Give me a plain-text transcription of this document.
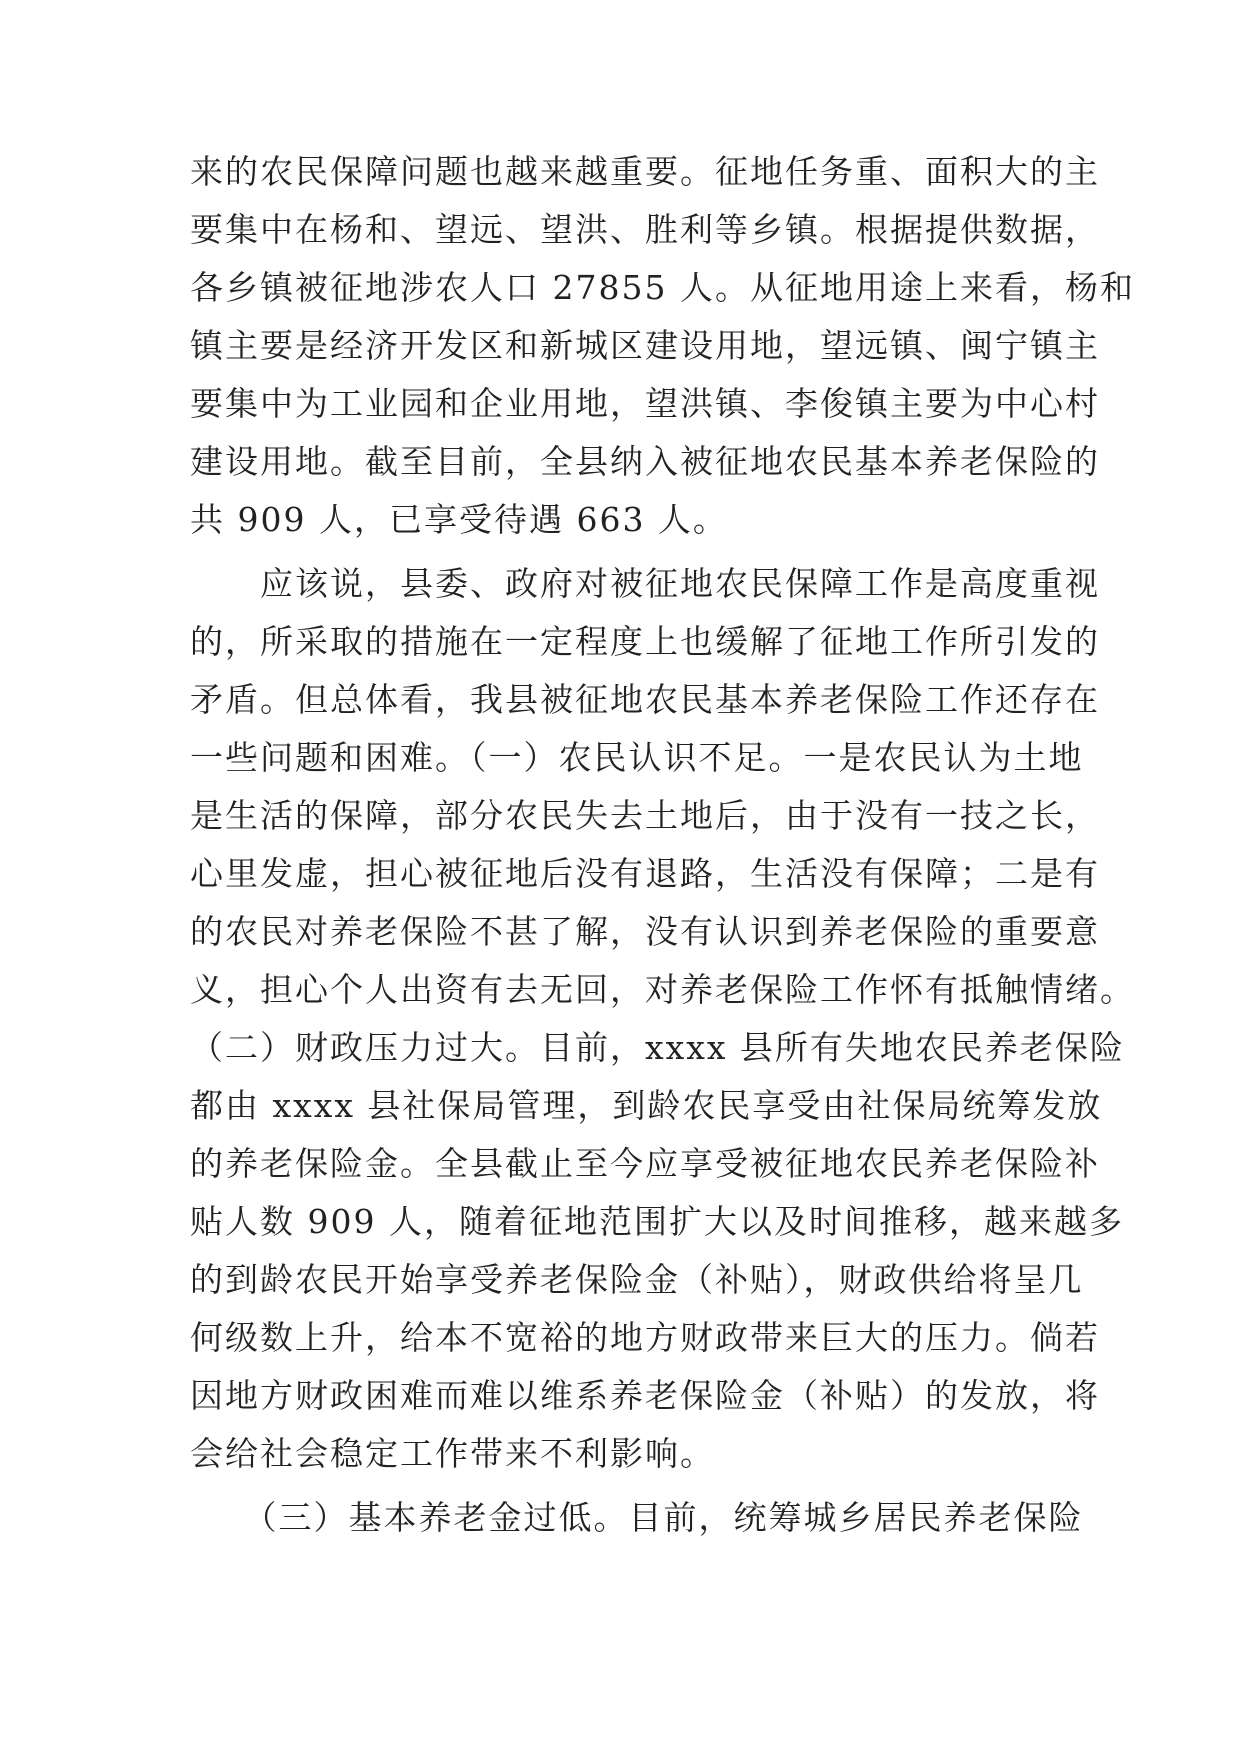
来的农民保障问题也越来越重要。征地任务重、面积大的主
要集中在杨和、望远、望洪、胜利等乡镇。根据提供数据，
各乡镇被征地涉农人口 27855 人。从征地用途上来看，杨和
镇主要是经济开发区和新城区建设用地，望远镇、闽宁镇主
要集中为工业园和企业用地，望洪镇、李俊镇主要为中心村
建设用地。截至目前，全县纳入被征地农民基本养老保险的
共 909 人，已享受待遇 663 人。
　　应该说，县委、政府对被征地农民保障工作是高度重视
的，所采取的措施在一定程度上也缓解了征地工作所引发的
矛盾。但总体看，我县被征地农民基本养老保险工作还存在
一些问题和困难。（一）农民认识不足。一是农民认为土地
是生活的保障，部分农民失去土地后，由于没有一技之长，
心里发虚，担心被征地后没有退路，生活没有保障；二是有
的农民对养老保险不甚了解，没有认识到养老保险的重要意
义，担心个人出资有去无回，对养老保险工作怀有抵触情绪。
（二）财政压力过大。目前，xxxx 县所有失地农民养老保险
都由 xxxx 县社保局管理，到龄农民享受由社保局统筹发放
的养老保险金。全县截止至今应享受被征地农民养老保险补
贴人数 909 人，随着征地范围扩大以及时间推移，越来越多
的到龄农民开始享受养老保险金（补贴），财政供给将呈几
何级数上升，给本不宽裕的地方财政带来巨大的压力。倘若
因地方财政困难而难以维系养老保险金（补贴）的发放，将
会给社会稳定工作带来不利影响。
　　（三）基本养老金过低。目前，统筹城乡居民养老保险
